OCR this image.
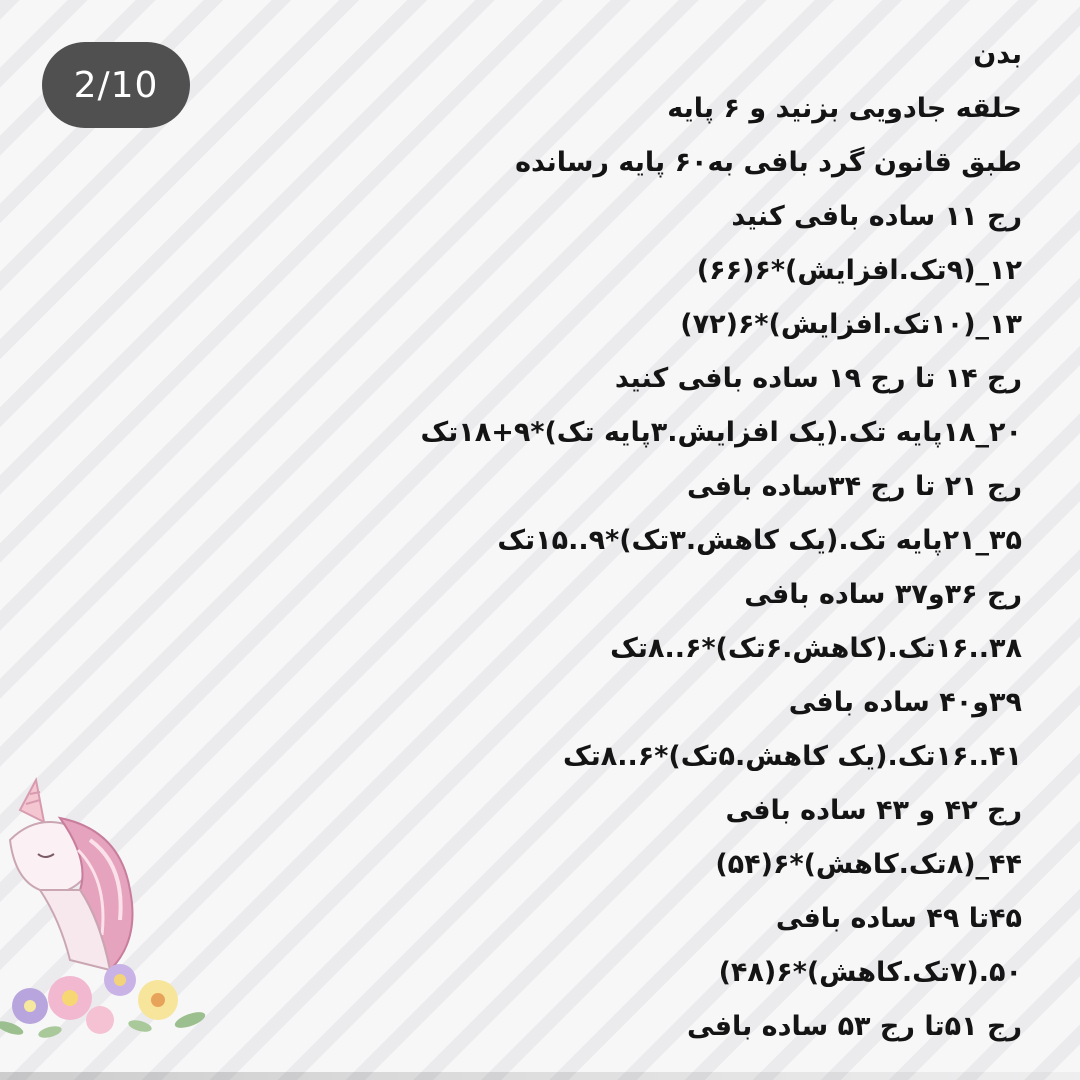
2/10
بدن
حلقه جادویی بزنید و ۶ پایه
طبق قانون گرد بافی به۶۰ پایه رسانده
رج ۱۱ ساده بافی کنید
۱۲_(۹تک.افزایش)*۶(۶۶)
۱۳_(۱۰تک.افزایش)*۶(۷۲)
رج ۱۴ تا رج ۱۹ ساده بافی کنید
۲۰_۱۸پایه تک.(یک افزایش.۳پایه تک)*۹+۱۸تک
رج ۲۱ تا رج ۳۴ساده بافی
۳۵_۲۱پایه تک.(یک کاهش.۳تک)*۹..۱۵تک
رج ۳۶و۳۷ ساده بافی
۳۸..۱۶تک.(کاهش.۶تک)*۶..۸تک
۳۹و۴۰ ساده بافی
۴۱..۱۶تک.(یک کاهش.۵تک)*۶..۸تک
رج ۴۲ و ۴۳ ساده بافی
۴۴_(۸تک.کاهش)*۶(۵۴)
۴۵تا ۴۹ ساده بافی
۵۰.(۷تک.کاهش)*۶(۴۸)
رج ۵۱تا رج ۵۳ ساده بافی
